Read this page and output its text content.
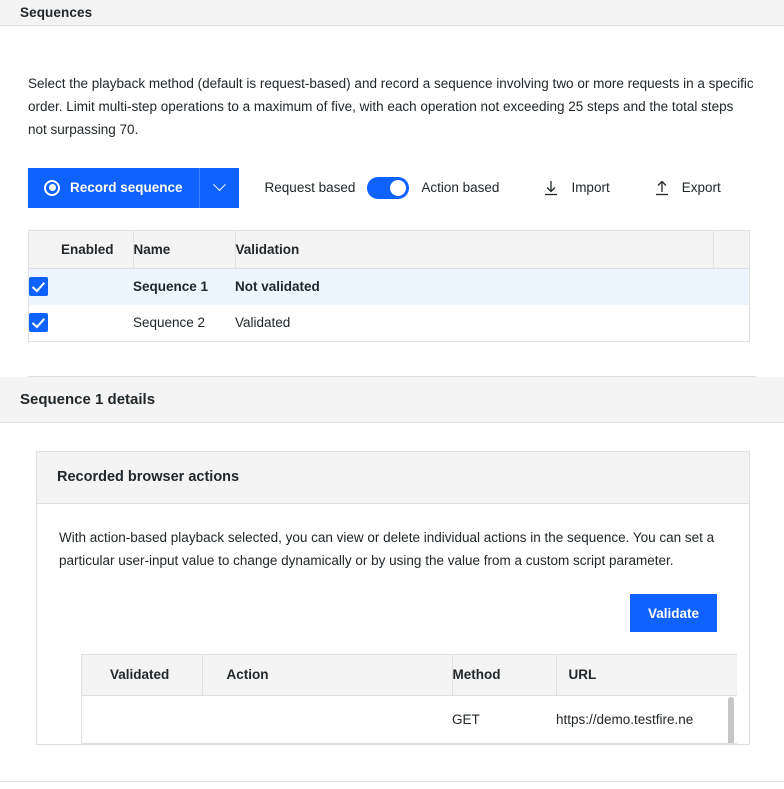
Sequences
Select the playback method (default is request-based) and record a sequence involving two or more requests in a specific order. Limit multi-step operations to a maximum of five, with each operation not exceeding 25 steps and the total steps not surpassing 70.
Record sequence	Request based	Action based	Import	Export
Enabled	Name	Validation	
	Sequence 1	Not validated	
	Sequence 2	Validated	
Sequence 1 details
Recorded browser actions
With action-based playback selected, you can view or delete individual actions in the sequence. You can set a particular user-input value to change dynamically or by using the value from a custom script parameter.
Validate
Validated	Action	Method	URL
		GET	https://demo.testfire.ne
